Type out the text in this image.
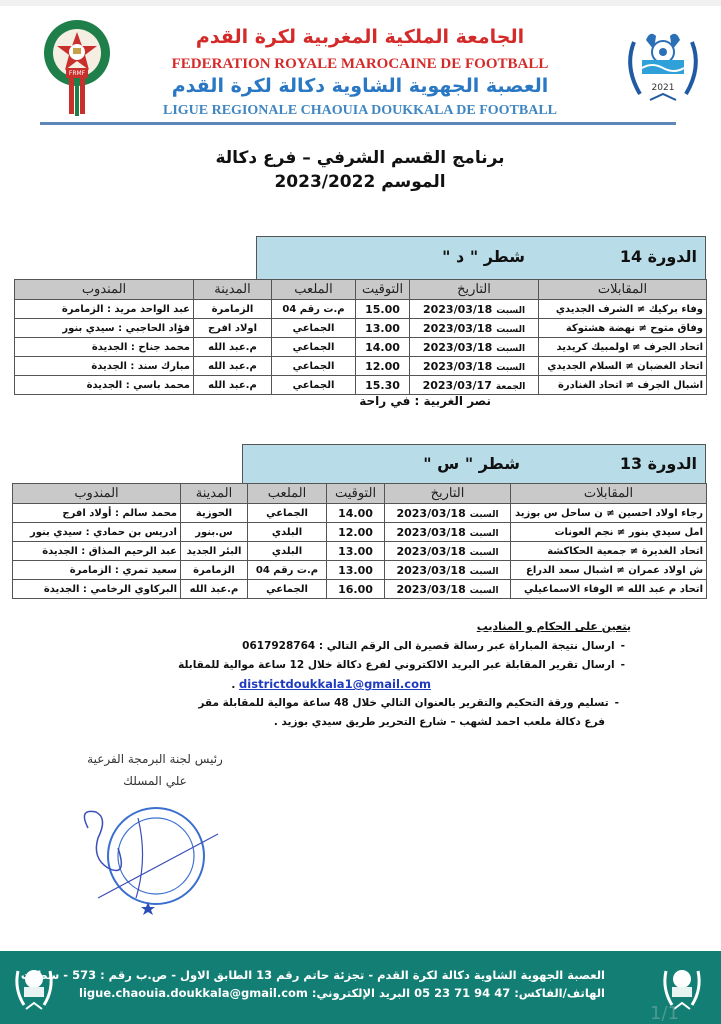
FRMF
2021
الجامعة الملكية المغربية لكرة القدم
FEDERATION ROYALE MAROCAINE DE FOOTBALL
العصبة الجهوية الشاوية دكالة لكرة القدم
LIGUE REGIONALE CHAOUIA DOUKKALA DE FOOTBALL
برنامج القسم الشرفي – فرع دكالة
الموسم 2023/2022
الدورة 14
شطر " د "
المقابلات	التاريخ	التوقيت	الملعب	المدينة	المندوب
وفاء بركيك ≠ الشرف الجديدي	السبت2023/03/18	15.00	م.ت رقم 04	الزمامرة	عبد الواحد مريد : الزمامرة
وفاق متوح ≠ نهضة هشتوكة	السبت2023/03/18	13.00	الجماعي	اولاد افرج	فؤاد الحاجبي : سيدي بنور
اتحاد الجرف ≠ اولمبيك كريديد	السبت2023/03/18	14.00	الجماعي	م.عبد الله	محمد جناح : الجديدة
اتحاد الغضبان ≠ السلام الجديدي	السبت2023/03/18	12.00	الجماعي	م.عبد الله	مبارك سند : الجديدة
اشبال الجرف ≠ اتحاد الغنادرة	الجمعة2023/03/17	15.30	الجماعي	م.عبد الله	محمد باسي : الجديدة
نصر الغربية : في راحة
الدورة 13
شطر " س "
المقابلات	التاريخ	التوقيت	الملعب	المدينة	المندوب
رجاء اولاد احسين ≠ ن ساحل س بوزيد	السبت2023/03/18	14.00	الجماعي	الحوزية	محمد سالم : أولاد افرج
امل سيدي بنور ≠ نجم العونات	السبت2023/03/18	12.00	البلدي	س.بنور	ادريس بن حمادي : سيدي بنور
اتحاد الغديرة ≠ جمعية الحكاكشة	السبت2023/03/18	13.00	البلدي	البئر الجديد	عبد الرحيم المذاق : الجديدة
ش اولاد عمران ≠ اشبال سعد الدراع	السبت2023/03/18	13.00	م.ت رقم 04	الزمامرة	سعيد تمري : الزمامرة
اتحاد م عبد الله ≠ الوفاء الاسماعيلي	السبت2023/03/18	16.00	الجماعي	م.عبد الله	البركاوي الرخامي : الجديدة
يتعين على الحكام و المناديب
-ارسال نتيجة المباراة عبر رسالة قصيرة الى الرقم التالي : 0617928764
-ارسال تقرير المقابلة عبر البريد الالكتروني لفرع دكالة خلال 12 ساعة موالية للمقابلة
districtdoukkala1@gmail.com .
-تسليم ورقة التحكيم والتقرير بالعنوان التالي خلال 48 ساعة موالية للمقابلة مقر
فرع دكالة ملعب احمد لشهب – شارع التحرير طريق سيدي بوزيد .
رئيس لجنة البرمجة الفرعية
علي المسلك
العصبة الجهوية الشاوية دكالة لكرة القدم - تجزئة حاتم رقم 13 الطابق الاول - ص.ب رقم : 573 - سطات
الهاتف/الفاكس: 47 94 71 23 05 البريد الإلكتروني: ligue.chaouia.doukkala@gmail.com
1/1
